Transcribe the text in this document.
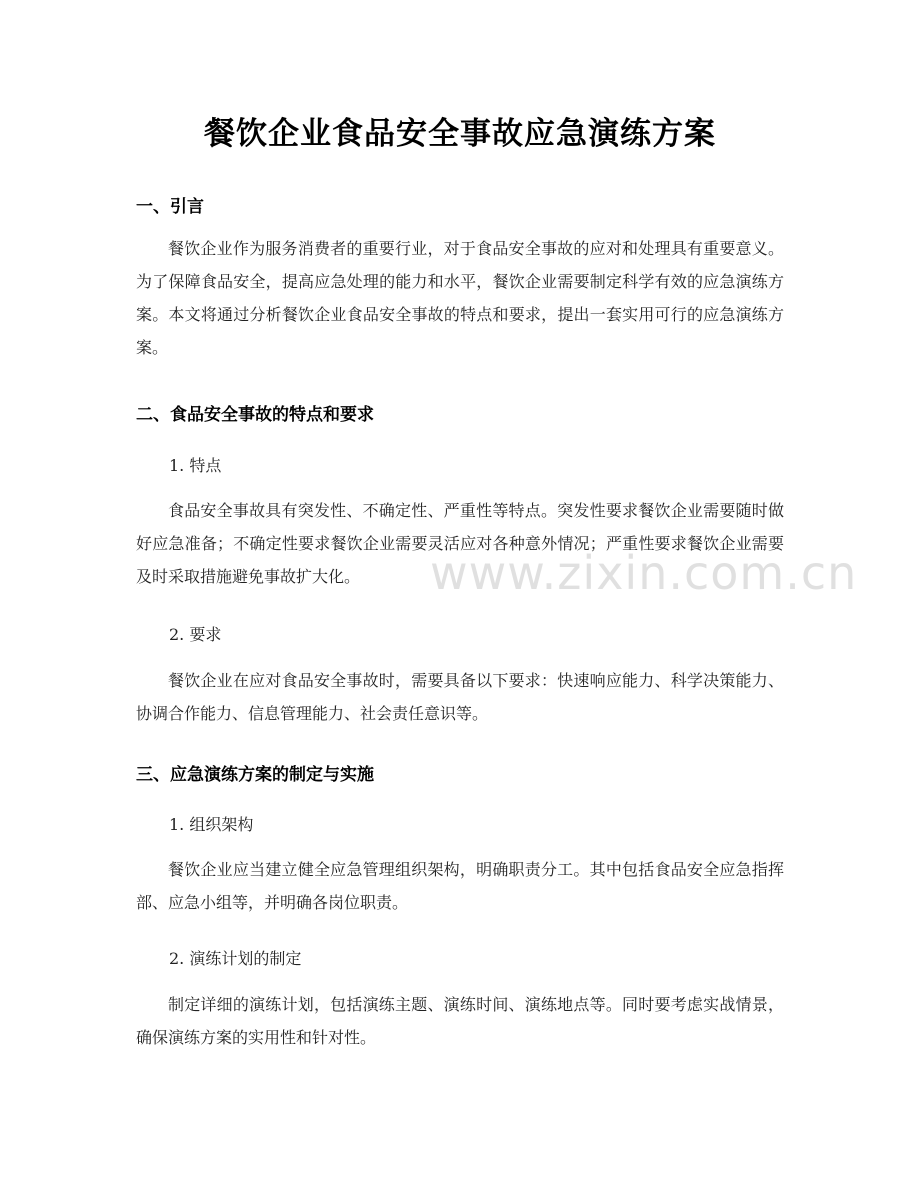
餐饮企业食品安全事故应急演练方案
一、引言

餐饮企业作为服务消费者的重要行业，对于食品安全事故的应对和处理具有重要意义。为了保障食品安全，提高应急处理的能力和水平，餐饮企业需要制定科学有效的应急演练方案。本文将通过分析餐饮企业食品安全事故的特点和要求，提出一套实用可行的应急演练方案。

二、食品安全事故的特点和要求

1. 特点

食品安全事故具有突发性、不确定性、严重性等特点。突发性要求餐饮企业需要随时做好应急准备；不确定性要求餐饮企业需要灵活应对各种意外情况；严重性要求餐饮企业需要及时采取措施避免事故扩大化。

2. 要求

餐饮企业在应对食品安全事故时，需要具备以下要求：快速响应能力、科学决策能力、协调合作能力、信息管理能力、社会责任意识等。

三、应急演练方案的制定与实施

1. 组织架构

餐饮企业应当建立健全应急管理组织架构，明确职责分工。其中包括食品安全应急指挥部、应急小组等，并明确各岗位职责。

2. 演练计划的制定

制定详细的演练计划，包括演练主题、演练时间、演练地点等。同时要考虑实战情景，确保演练方案的实用性和针对性。

www.zixin.com.cn
